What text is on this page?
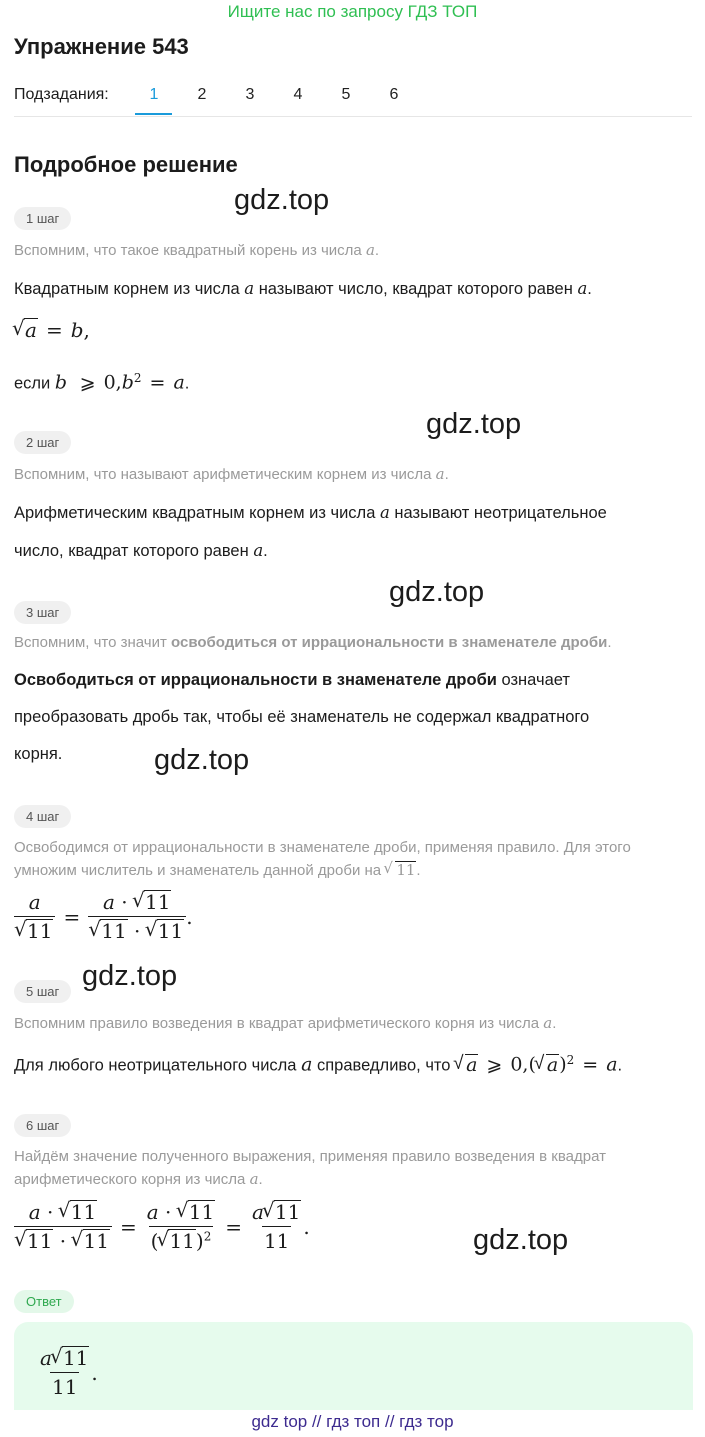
Ищите нас по запросу ГДЗ ТОП
Упражнение 543
Подзадания:	1	2	3	4	5	6
Подробное решение
1 шаг
gdz.top
Вспомним, что такое квадратный корень из числа a.
Квадратным корнем из числа a называют число, квадрат которого равен a.
√ a = b ,
если b ⩾ $0,b^2 = a$.
2 шаг
gdz.top
Вспомним, что называют арифметическим корнем из числа a.
Арифметическим квадратным корнем из числа a называют неотрицательное
число, квадрат которого равен a.
3 шаг
gdz.top
Вспомним, что значит освободиться от иррациональности в знаменателе дроби.
Освободиться от иррациональности в знаменателе дроби означает
преобразовать дробь так, чтобы её знаменатель не содержал квадратного
корня.	gdz.top
4 шаг
Освободимся от иррациональности в знаменателе дроби, применяя правило. Для этого умножим числитель и знаменатель данной дроби на √ 11.
a
√ 11 = a · √ 11
√ 11 · √ 11 .
5 шаг gdz.top
Вспомним правило возведения в квадрат арифметического корня из числа a.
Для любого неотрицательного числа a справедливо, что √ a ⩾ 0,( √ a)$^2$ = a.
6 шаг
Найдём значение полученного выражения, применяя правило возведения в квадрат арифметического корня из числа a.
a · √ 11
√ 11 · √ $11 = \frac{a \cdot √ 11}{( √ 11)^2} = \frac{a √ 11}{11}$ .	gdz.top
Ответ
$\frac{a √ 11}{11}$ .
gdz top // гдз топ // гдз тор
